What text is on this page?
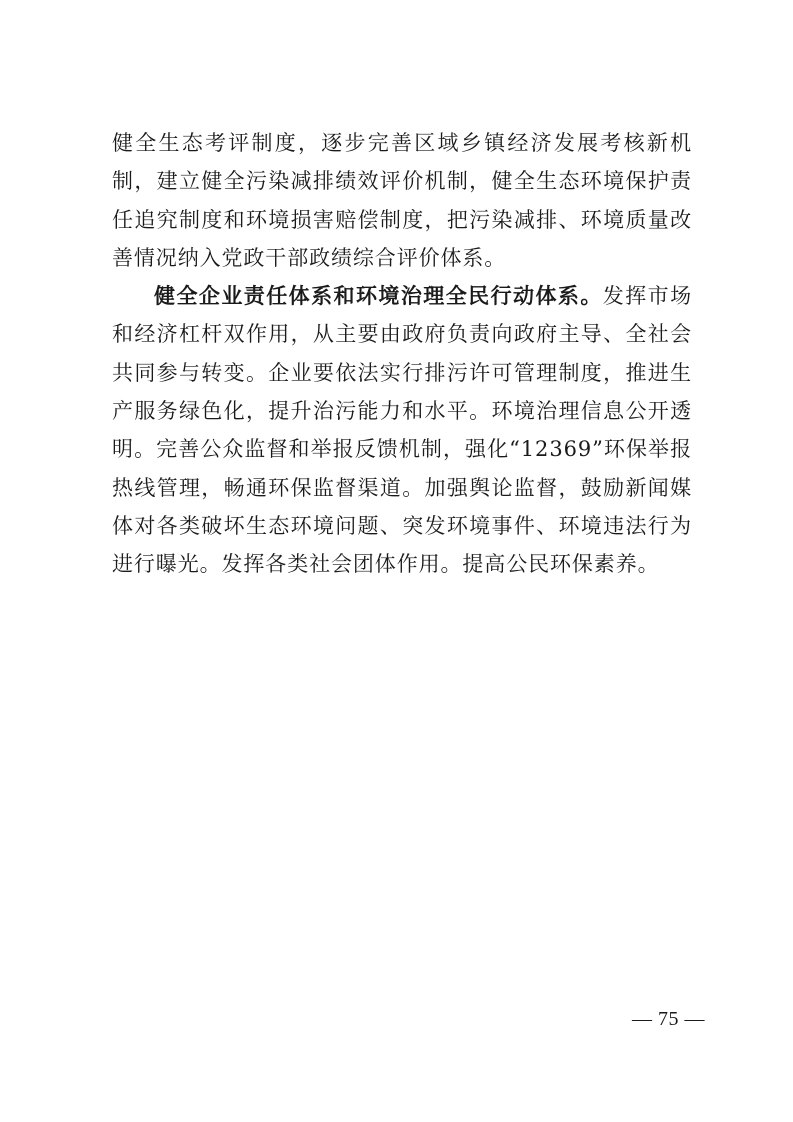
健全生态考评制度，逐步完善区域乡镇经济发展考核新机制，建立健全污染减排绩效评价机制，健全生态环境保护责任追究制度和环境损害赔偿制度，把污染减排、环境质量改善情况纳入党政干部政绩综合评价体系。

健全企业责任体系和环境治理全民行动体系。发挥市场和经济杠杆双作用，从主要由政府负责向政府主导、全社会共同参与转变。企业要依法实行排污许可管理制度，推进生产服务绿色化，提升治污能力和水平。环境治理信息公开透明。完善公众监督和举报反馈机制，强化“12369”环保举报热线管理，畅通环保监督渠道。加强舆论监督，鼓励新闻媒体对各类破坏生态环境问题、突发环境事件、环境违法行为进行曝光。发挥各类社会团体作用。提高公民环保素养。

— 75 —
